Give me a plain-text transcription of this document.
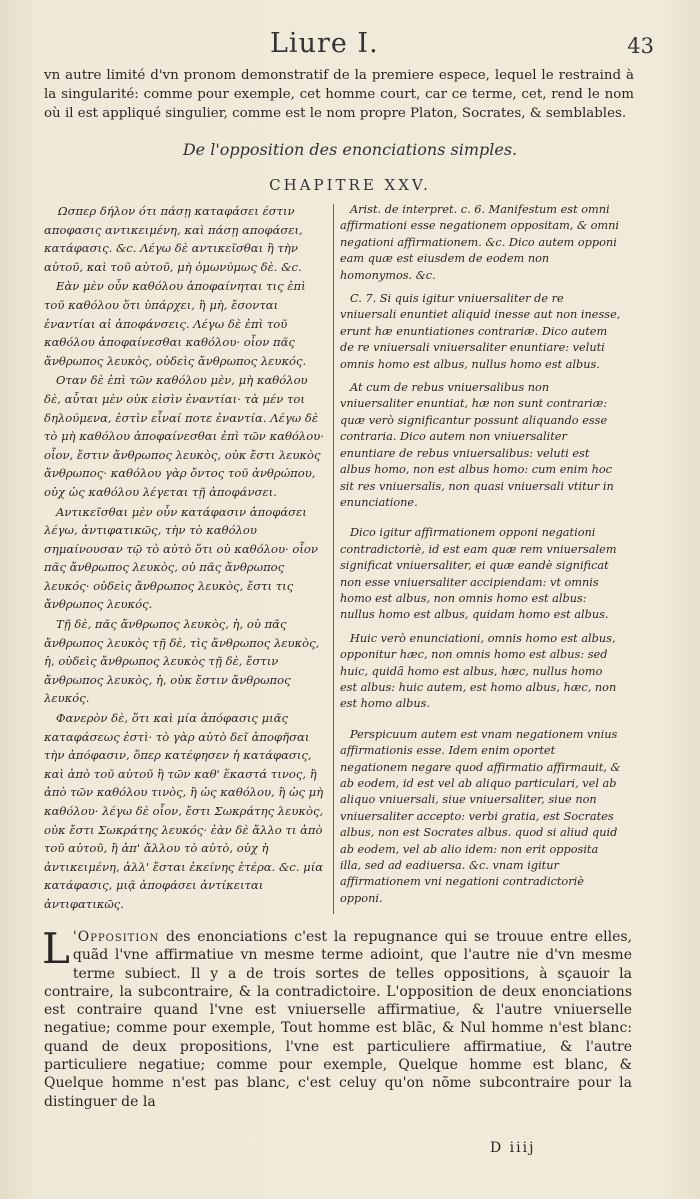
Liure I.	43

vn autre limité d'vn pronom demonstratif de la premiere espece, lequel le restraind à la singularité: comme pour exemple, cet homme court, car ce terme, cet, rend le nom où il est appliqué singulier, comme est le nom propre Platon, Socrates, & semblables.

De l'opposition des enonciations simples.
CHAPITRE XXV.

Ωσπερ δήλον ότι πάσῃ καταφάσει έστιν αποφασις αντικειμένη, καὶ πάσῃ αποφάσει, κατάφασις. &c. Λέγω δὲ αντικεῖσθαι ἢ τὴν αὐτοῦ, καὶ τοῦ αὐτοῦ, μὴ ὁμωνύμως δὲ. &c.

Εὰν μὲν οὖν καθόλου ἀποφαίνηται τις ἐπὶ τοῦ καθόλου ὅτι ὑπάρχει, ἢ μὴ, ἔσονται ἐναντίαι αἱ ἀποφάνσεις. Λέγω δὲ ἐπὶ τοῦ καθόλου ἀποφαίνεσθαι καθόλου· οἷον πᾶς ἄνθρωπος λευκὸς, οὐδεὶς ἄνθρωπος λευκός.

Οταν δὲ ἐπὶ τῶν καθόλου μὲν, μὴ καθόλου δὲ, αὗται μὲν οὐκ εἰσὶν ἐναντίαι· τὰ μέν τοι δηλούμενα, ἐστὶν εἶναί ποτε ἐναντία. Λέγω δὲ τὸ μὴ καθόλου ἀποφαίνεσθαι ἐπὶ τῶν καθόλου· οἷον, ἔστιν ἄνθρωπος λευκὸς, οὐκ ἔστι λευκὸς ἄνθρωπος· καθόλου γὰρ ὄντος τοῦ ἀνθρώπου, οὐχ ὡς καθόλου λέγεται τῇ ἀποφάνσει.

Αντικεῖσθαι μὲν οὖν κατάφασιν ἀποφάσει λέγω, ἀντιφατικῶς, τὴν τὸ καθόλου σημαίνουσαν τῷ τὸ αὐτὸ ὅτι οὐ καθόλου· οἷον πᾶς ἄνθρωπος λευκὸς, οὐ πᾶς ἄνθρωπος λευκός· οὐδεὶς ἄνθρωπος λευκὸς, ἔστι τις ἄνθρωπος λευκός.

Τῇ δὲ, πᾶς ἄνθρωπος λευκὸς, ἡ, οὐ πᾶς ἄνθρωπος λευκὸς τῇ δὲ, τὶς ἄνθρωπος λευκὸς, ἡ, οὐδεὶς ἄνθρωπος λευκὸς τῇ δὲ, ἔστιν ἄνθρωπος λευκὸς, ἡ, οὐκ ἔστιν ἄνθρωπος λευκός.

Φανερὸν δὲ, ὅτι καὶ μία ἀπόφασις μιᾶς καταφάσεως ἐστὶ· τὸ γὰρ αὐτὸ δεῖ ἀποφῆσαι τὴν ἀπόφασιν, ὅπερ κατέφησεν ἡ κατάφασις, καὶ ἀπὸ τοῦ αὐτοῦ ἢ τῶν καθ' ἕκαστά τινος, ἢ ἀπὸ τῶν καθόλου τινὸς, ἢ ὡς καθόλου, ἢ ὡς μὴ καθόλου· λέγω δὲ οἷον, ἔστι Σωκράτης λευκὸς, οὐκ ἔστι Σωκράτης λευκός· ἐὰν δὲ ἄλλο τι ἀπὸ τοῦ αὐτοῦ, ἢ ἀπ' ἄλλου τὸ αὐτὸ, οὐχ ἡ ἀντικειμένη, ἀλλ' ἔσται ἐκείνης ἑτέρα. &c. μία κατάφασις, μιᾷ ἀποφάσει ἀντίκειται ἀντιφατικῶς.

Arist. de interpret. c. 6. Manifestum est omni affirmationi esse negationem oppositam, & omni negationi affirmationem. &c. Dico autem opponi eam quæ est eiusdem de eodem non homonymos. &c.

C. 7. Si quis igitur vniuersaliter de re vniuersali enuntiet aliquid inesse aut non inesse, erunt hæ enuntiationes contrariæ. Dico autem de re vniuersali vniuersaliter enuntiare: veluti omnis homo est albus, nullus homo est albus.

At cum de rebus vniuersalibus non vniuersaliter enuntiat, hæ non sunt contrariæ: quæ verò significantur possunt aliquando esse contraria. Dico autem non vniuersaliter enuntiare de rebus vniuersalibus: veluti est albus homo, non est albus homo: cum enim hoc sit res vniuersalis, non quasi vniuersali vtitur in enunciatione.

Dico igitur affirmationem opponi negationi contradictoriè, id est eam quæ rem vniuersalem significat vniuersaliter, ei quæ eandè significat non esse vniuersaliter accipiendam: vt omnis homo est albus, non omnis homo est albus: nullus homo est albus, quidam homo est albus.

Huic verò enunciationi, omnis homo est albus, opponitur hæc, non omnis homo est albus: sed huic, quidã homo est albus, hæc, nullus homo est albus: huic autem, est homo albus, hæc, non est homo albus.

Perspicuum autem est vnam negationem vnius affirmationis esse. Idem enim oportet negationem negare quod affirmatio affirmauit, & ab eodem, id est vel ab aliquo particulari, vel ab aliquo vniuersali, siue vniuersaliter, siue non vniuersaliter accepto: verbi gratia, est Socrates albus, non est Socrates albus. quod si aliud quid ab eodem, vel ab alio idem: non erit opposita illa, sed ad eadiuersa. &c. vnam igitur affirmationem vni negationi contradictoriè opponi.

L 'Opposition des enonciations c'est la repugnance qui se trouue entre elles, quãd l'vne affirmatiue vn mesme terme adioint, que l'autre nie d'vn mesme terme subiect. Il y a de trois sortes de telles oppositions, à sçauoir la contraire, la subcontraire, & la contradictoire. L'opposition de deux enonciations est contraire quand l'vne est vniuerselle affirmatiue, & l'autre vniuerselle negatiue; comme pour exemple, Tout homme est blãc, & Nul homme n'est blanc: quand de deux propositions, l'vne est particuliere affirmatiue, & l'autre particuliere negatiue; comme pour exemple, Quelque homme est blanc, & Quelque homme n'est pas blanc, c'est celuy qu'on nõme subcontraire pour la distinguer de la

D iiij
